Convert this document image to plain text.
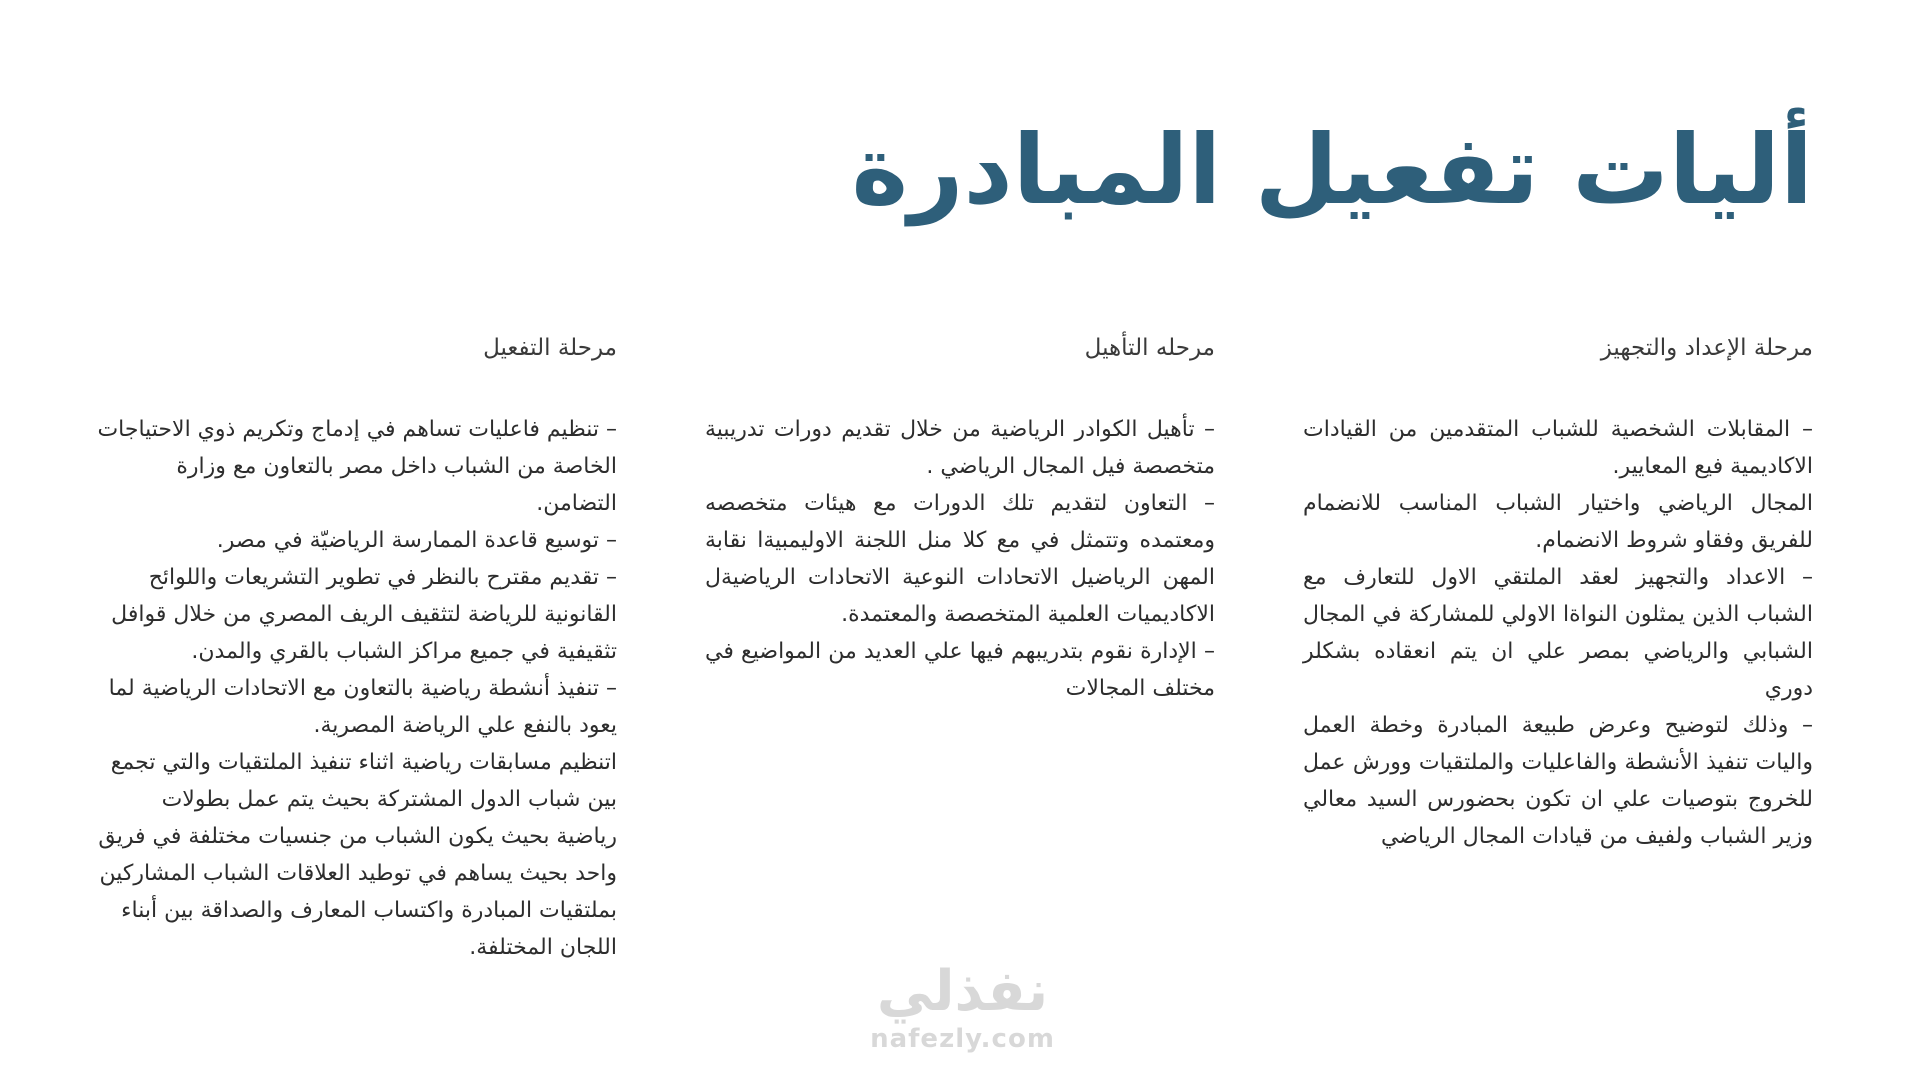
أليات تفعيل المبادرة
مرحلة الإعداد والتجهيز

– المقابلات الشخصية للشباب المتقدمين من القيادات الاكاديمية فيع المعايير.

المجال الرياضي واختيار الشباب المناسب للانضمام للفريق وفقاو شروط الانضمام.

– الاعداد والتجهيز لعقد الملتقي الاول للتعارف مع الشباب الذين يمثلون النواةا الاولي للمشاركة في المجال الشبابي والرياضي بمصر علي ان يتم انعقاده بشكلر دوري

– وذلك لتوضيح وعرض طبيعة المبادرة وخطة العمل واليات تنفيذ الأنشطة والفاعليات والملتقيات وورش عمل للخروج بتوصيات علي ان تكون بحضورس السيد معالي وزير الشباب ولفيف من قيادات المجال الرياضي

مرحله التأهيل

– تأهيل الكوادر الرياضية من خلال تقديم دورات تدريبية متخصصة فيل المجال الرياضي .

– التعاون لتقديم تلك الدورات مع هيئات متخصصه ومعتمده وتتمثل في مع كلا منل اللجنة الاوليمبيةا نقابة المهن الرياضيل الاتحادات النوعية الاتحادات الرياضيةل الاكاديميات العلمية المتخصصة والمعتمدة.

– الإدارة نقوم بتدريبهم فيها علي العديد من المواضيع في مختلف المجالات

مرحلة التفعيل

– تنظيم فاعليات تساهم في إدماج وتكريم ذوي الاحتياجات الخاصة من الشباب داخل مصر بالتعاون مع وزارة التضامن.

– توسيع قاعدة الممارسة الرياضيّة في مصر.

– تقديم مقترح بالنظر في تطوير التشريعات واللوائح القانونية للرياضة لتثقيف الريف المصري من خلال قوافل تثقيفية في جميع مراكز الشباب بالقري والمدن.

– تنفيذ أنشطة رياضية بالتعاون مع الاتحادات الرياضية لما يعود بالنفع علي الرياضة المصرية.

اتنظيم مسابقات رياضية اثناء تنفيذ الملتقيات والتي تجمع بين شباب الدول المشتركة بحيث يتم عمل بطولات رياضية بحيث يكون الشباب من جنسيات مختلفة في فريق واحد بحيث يساهم في توطيد العلاقات الشباب المشاركين بملتقيات المبادرة واكتساب المعارف والصداقة بين أبناء اللجان المختلفة.

نفذلي
nafezly.com
